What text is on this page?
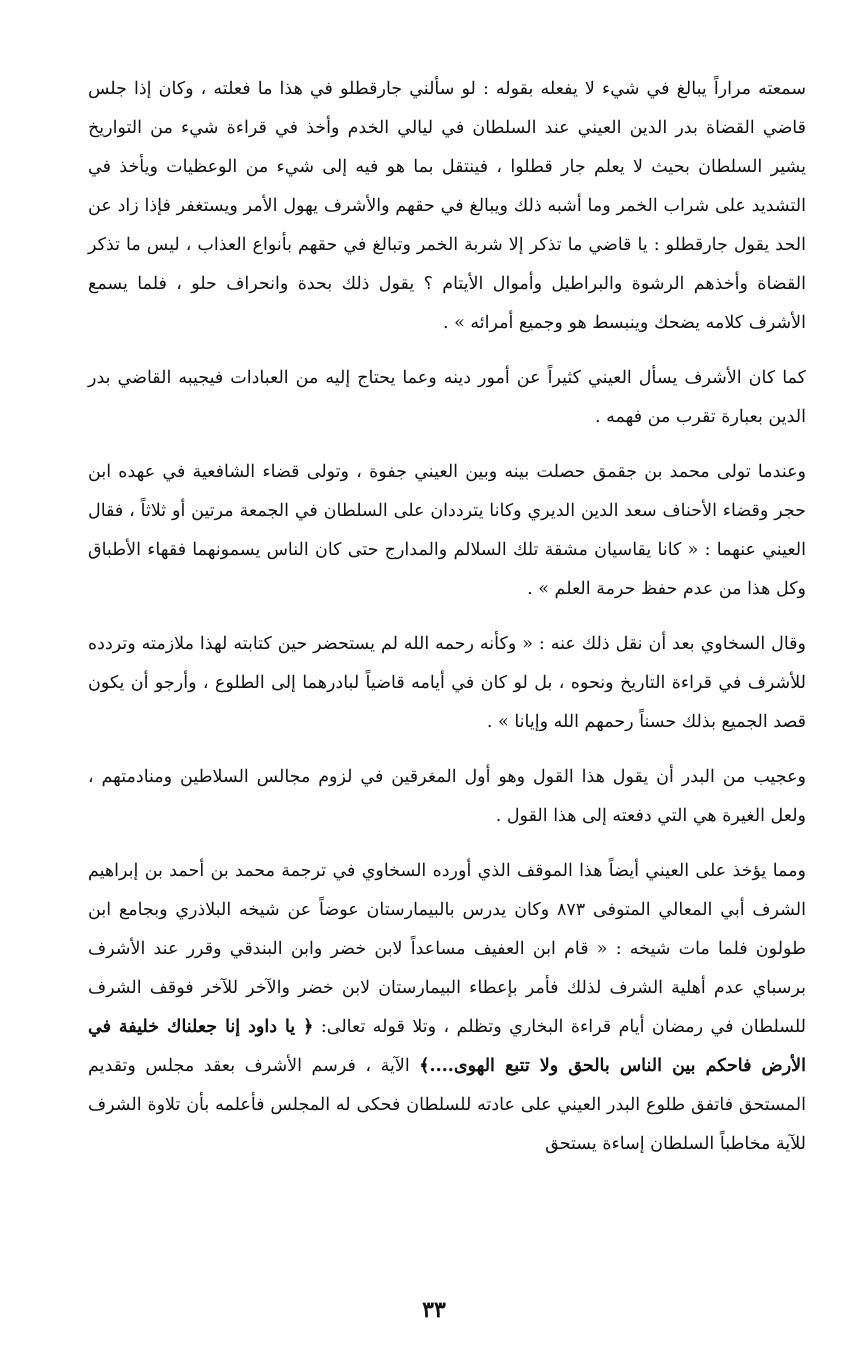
سمعته مراراً يبالغ في شيء لا يفعله بقوله : لو سألني جارقطلو في هذا ما فعلته ، وكان إذا جلس قاضي القضاة بدر الدين العيني عند السلطان في ليالي الخدم وأخذ في قراءة شيء من التواريخ يشير السلطان بحيث لا يعلم جار قطلوا ، فينتقل بما هو فيه إلى شيء من الوعظيات ويأخذ في التشديد على شراب الخمر وما أشبه ذلك ويبالغ في حقهم والأشرف يهول الأمر ويستغفر فإذا زاد عن الحد يقول جارقطلو : يا قاضي ما تذكر إلا شربة الخمر وتبالغ في حقهم بأنواع العذاب ، ليس ما تذكر القضاة وأخذهم الرشوة والبراطيل وأموال الأيتام ؟ يقول ذلك بحدة وانحراف حلو ، فلما يسمع الأشرف كلامه يضحك وينبسط هو وجميع أمرائه » .

كما كان الأشرف يسأل العيني كثيراً عن أمور دينه وعما يحتاج إليه من العبادات فيجيبه القاضي بدر الدين بعبارة تقرب من فهمه .

وعندما تولى محمد بن جقمق حصلت بينه وبين العيني جفوة ، وتولى قضاء الشافعية في عهده ابن حجر وقضاء الأحناف سعد الدين الديري وكانا يترددان على السلطان في الجمعة مرتين أو ثلاثاً ، فقال العيني عنهما : « كانا يقاسيان مشقة تلك السلالم والمدارج حتى كان الناس يسمونهما فقهاء الأطباق وكل هذا من عدم حفظ حرمة العلم » .

وقال السخاوي بعد أن نقل ذلك عنه : « وكأنه رحمه الله لم يستحضر حين كتابته لهذا ملازمته وتردده للأشرف في قراءة التاريخ ونحوه ، بل لو كان في أيامه قاضياً لبادرهما إلى الطلوع ، وأرجو أن يكون قصد الجميع بذلك حسناً رحمهم الله وإيانا » .

وعجيب من البدر أن يقول هذا القول وهو أول المغرقين في لزوم مجالس السلاطين ومنادمتهم ، ولعل الغيرة هي التي دفعته إلى هذا القول .

ومما يؤخذ على العيني أيضاً هذا الموقف الذي أورده السخاوي في ترجمة محمد بن أحمد بن إبراهيم الشرف أبي المعالي المتوفى ٨٧٣ وكان يدرس بالبيمارستان عوضاً عن شيخه البلاذري وبجامع ابن طولون فلما مات شيخه : « قام ابن العفيف مساعداً لابن خضر وابن البندقي وقرر عند الأشرف برسباي عدم أهلية الشرف لذلك فأمر بإعطاء البيمارستان لابن خضر والآخر للآخر فوقف الشرف للسلطان في رمضان أيام قراءة البخاري وتظلم ، وتلا قوله تعالى: ﴿ يا داود إنا جعلناك خليفة في الأرض فاحكم بين الناس بالحق ولا تتبع الهوى....﴾ الآية ، فرسم الأشرف بعقد مجلس وتقديم المستحق فاتفق طلوع البدر العيني على عادته للسلطان فحكى له المجلس فأعلمه بأن تلاوة الشرف للآية مخاطباً السلطان إساءة يستحق

٣٣
